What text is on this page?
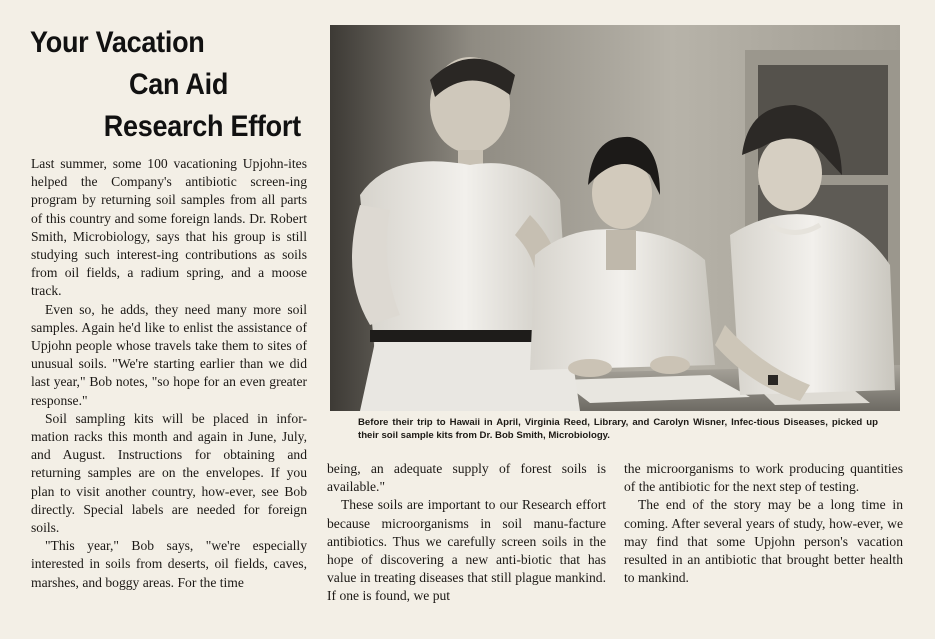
Your Vacation
Can Aid
Research Effort

Last summer, some 100 vacationing Upjohn-ites helped the Company's antibiotic screen-ing program by returning soil samples from all parts of this country and some foreign lands. Dr. Robert Smith, Microbiology, says that his group is still studying such interest-ing contributions as soils from oil fields, a radium spring, and a moose track.

Even so, he adds, they need many more soil samples. Again he'd like to enlist the assistance of Upjohn people whose travels take them to sites of unusual soils. "We're starting earlier than we did last year," Bob notes, "so hope for an even greater response."

Soil sampling kits will be placed in infor-mation racks this month and again in June, July, and August. Instructions for obtaining and returning samples are on the envelopes. If you plan to visit another country, how-ever, see Bob directly. Special labels are needed for foreign soils.

"This year," Bob says, "we're especially interested in soils from deserts, oil fields, caves, marshes, and boggy areas. For the time

Before their trip to Hawaii in April, Virginia Reed, Library, and Carolyn Wisner, Infec-tious Diseases, picked up their soil sample kits from Dr. Bob Smith, Microbiology.

being, an adequate supply of forest soils is available."

These soils are important to our Research effort because microorganisms in soil manu-facture antibiotics. Thus we carefully screen soils in the hope of discovering a new anti-biotic that has value in treating diseases that still plague mankind. If one is found, we put

the microorganisms to work producing quantities of the antibiotic for the next step of testing.

The end of the story may be a long time in coming. After several years of study, how-ever, we may find that some Upjohn person's vacation resulted in an antibiotic that brought better health to mankind.
